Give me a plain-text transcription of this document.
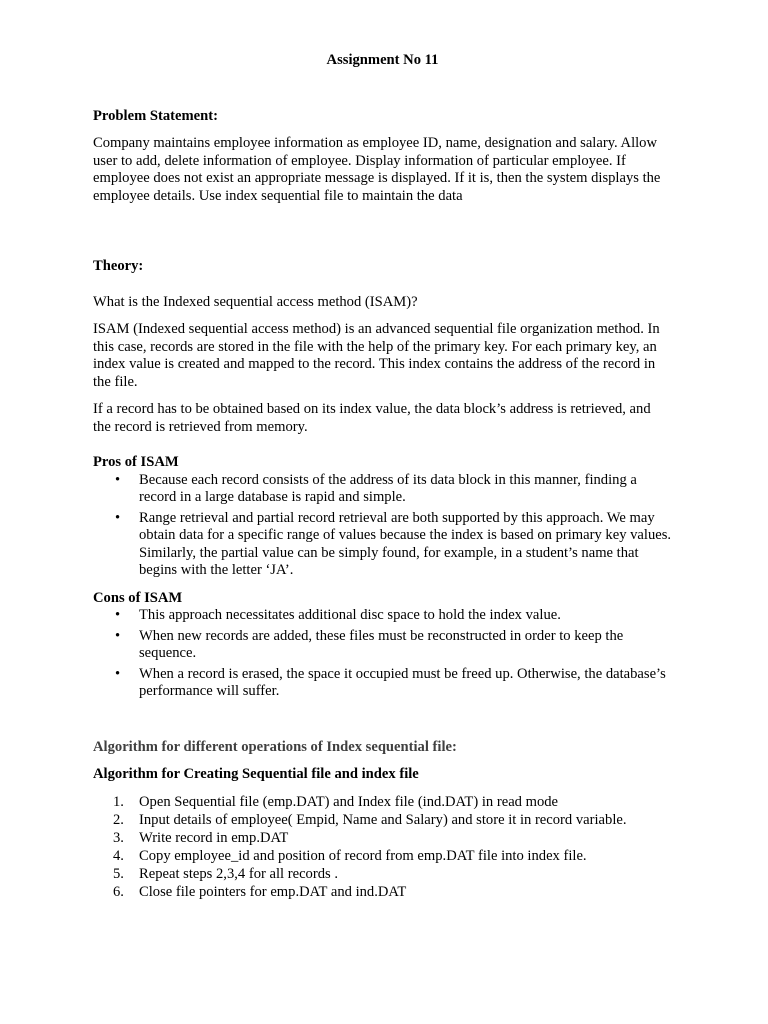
Assignment No 11

Problem Statement:

Company maintains employee information as employee ID, name, designation and salary. Allow user to add, delete information of employee. Display information of particular employee. If employee does not exist an appropriate message is displayed. If it is, then the system displays the employee details. Use index sequential file to maintain the data

Theory:

What is the Indexed sequential access method (ISAM)?

ISAM (Indexed sequential access method) is an advanced sequential file organization method. In this case, records are stored in the file with the help of the primary key. For each primary key, an index value is created and mapped to the record. This index contains the address of the record in the file.

If a record has to be obtained based on its index value, the data block’s address is retrieved, and the record is retrieved from memory.

Pros of ISAM
• Because each record consists of the address of its data block in this manner, finding a record in a large database is rapid and simple.
• Range retrieval and partial record retrieval are both supported by this approach. We may obtain data for a specific range of values because the index is based on primary key values. Similarly, the partial value can be simply found, for example, in a student’s name that begins with the letter ‘JA’.
Cons of ISAM
• This approach necessitates additional disc space to hold the index value.
• When new records are added, these files must be reconstructed in order to keep the sequence.
• When a record is erased, the space it occupied must be freed up. Otherwise, the database’s performance will suffer.
Algorithm for different operations of Index sequential file:
Algorithm for Creating Sequential file and index file
1. Open Sequential file (emp.DAT) and Index file (ind.DAT) in read mode
2. Input details of employee( Empid, Name and Salary) and store it in record variable.
3. Write record in emp.DAT
4. Copy employee_id and position of record from emp.DAT file into index file.
5. Repeat steps 2,3,4 for all records .
6. Close file pointers for emp.DAT and ind.DAT
